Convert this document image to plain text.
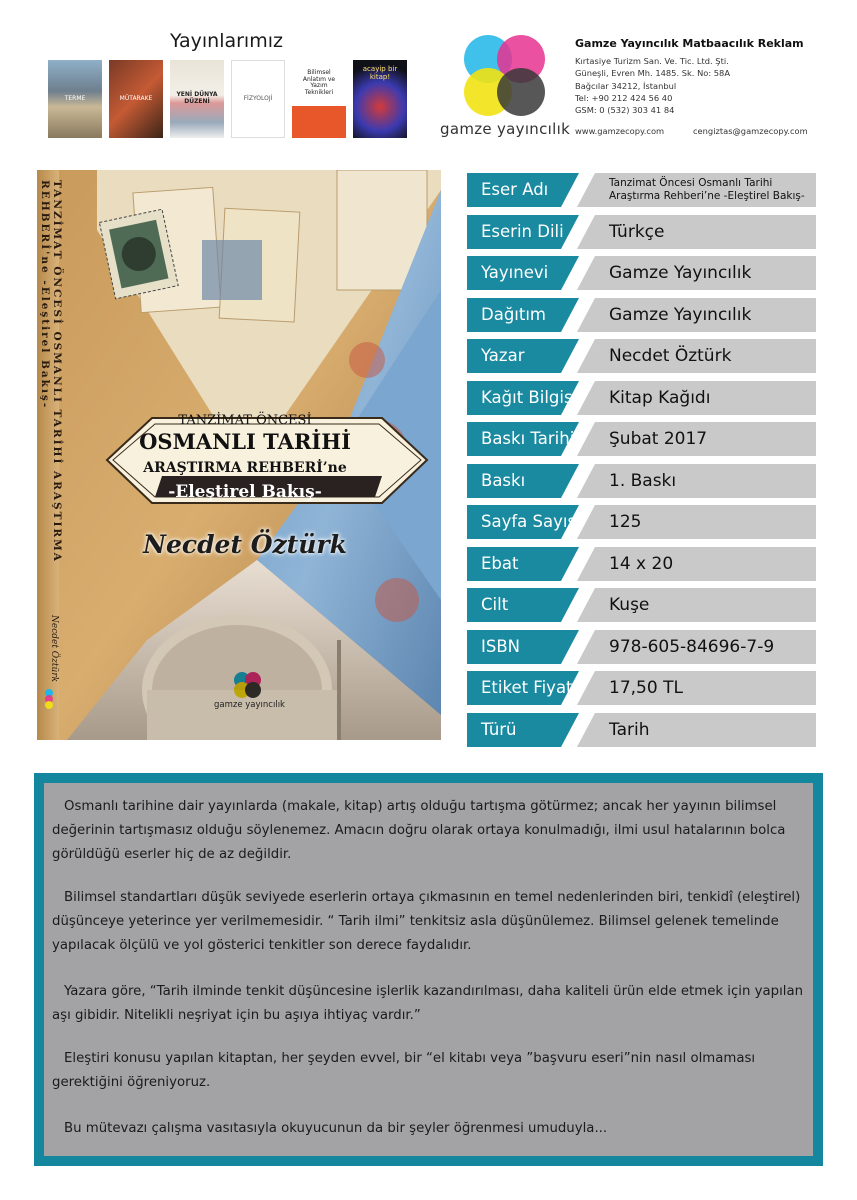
Yayınlarımız
TERME	MÜTARAKE	YENİ DÜNYA DÜZENİ	FİZYOLOJİ
Bilimsel Anlatım ve Yazım Teknikleri
acayip bir kitap!
gamze yayıncılık
Gamze Yayıncılık Matbaacılık Reklam
Kırtasiye Turizm San. Ve. Tic. Ltd. Şti.
Güneşli, Evren Mh. 1485. Sk. No: 58A
Bağcılar 34212, İstanbul
Tel: +90 212 424 56 40
GSM: 0 (532) 303 41 84
www.gamzecopy.com	cengiztas@gamzecopy.com
TANZİMAT ÖNCESİ OSMANLI TARİHİ ARAŞTIRMA REHBERİ'ne -Eleştirel Bakış-
Necdet Öztürk
TANZİMAT ÖNCESİ
OSMANLI TARİHİ
ARAŞTIRMA REHBERİ’ne
-Eleştirel Bakış-
Necdet Öztürk
gamze yayıncılık
Eser Adı	Tanzimat Öncesi Osmanlı Tarihi Araştırma Rehberi’ne -Eleştirel Bakış-
Eserin Dili	Türkçe
Yayınevi	Gamze Yayıncılık
Dağıtım	Gamze Yayıncılık
Yazar	Necdet Öztürk
Kağıt Bilgisi Kitap Kağıdı
Baskı Tarihi Şubat 2017
Baskı	1. Baskı
Sayfa Sayısı 125
Ebat	14 x 20
Cilt	Kuşe
ISBN	978-605-84696-7-9
Etiket Fiyatı 17,50 TL
Türü	Tarih
Osmanlı tarihine dair yayınlarda (makale, kitap) artış olduğu tartışma götürmez; ancak her yayının bilimsel
değerinin tartışmasız olduğu söylenemez. Amacın doğru olarak ortaya konulmadığı, ilmi usul hatalarının bolca
görüldüğü eserler hiç de az değildir.
Bilimsel standartları düşük seviyede eserlerin ortaya çıkmasının en temel nedenlerinden biri, tenkidî (eleştirel)
düşünceye yeterince yer verilmemesidir. “ Tarih ilmi” tenkitsiz asla düşünülemez. Bilimsel gelenek temelinde
yapılacak ölçülü ve yol gösterici tenkitler son derece faydalıdır.
Yazara göre, “Tarih ilminde tenkit düşüncesine işlerlik kazandırılması, daha kaliteli ürün elde etmek için yapılan
aşı gibidir. Nitelikli neşriyat için bu aşıya ihtiyaç vardır.”
Eleştiri konusu yapılan kitaptan, her şeyden evvel, bir “el kitabı veya ”başvuru eseri”nin nasıl olmaması
gerektiğini öğreniyoruz.
Bu mütevazı çalışma vasıtasıyla okuyucunun da bir şeyler öğrenmesi umuduyla...
